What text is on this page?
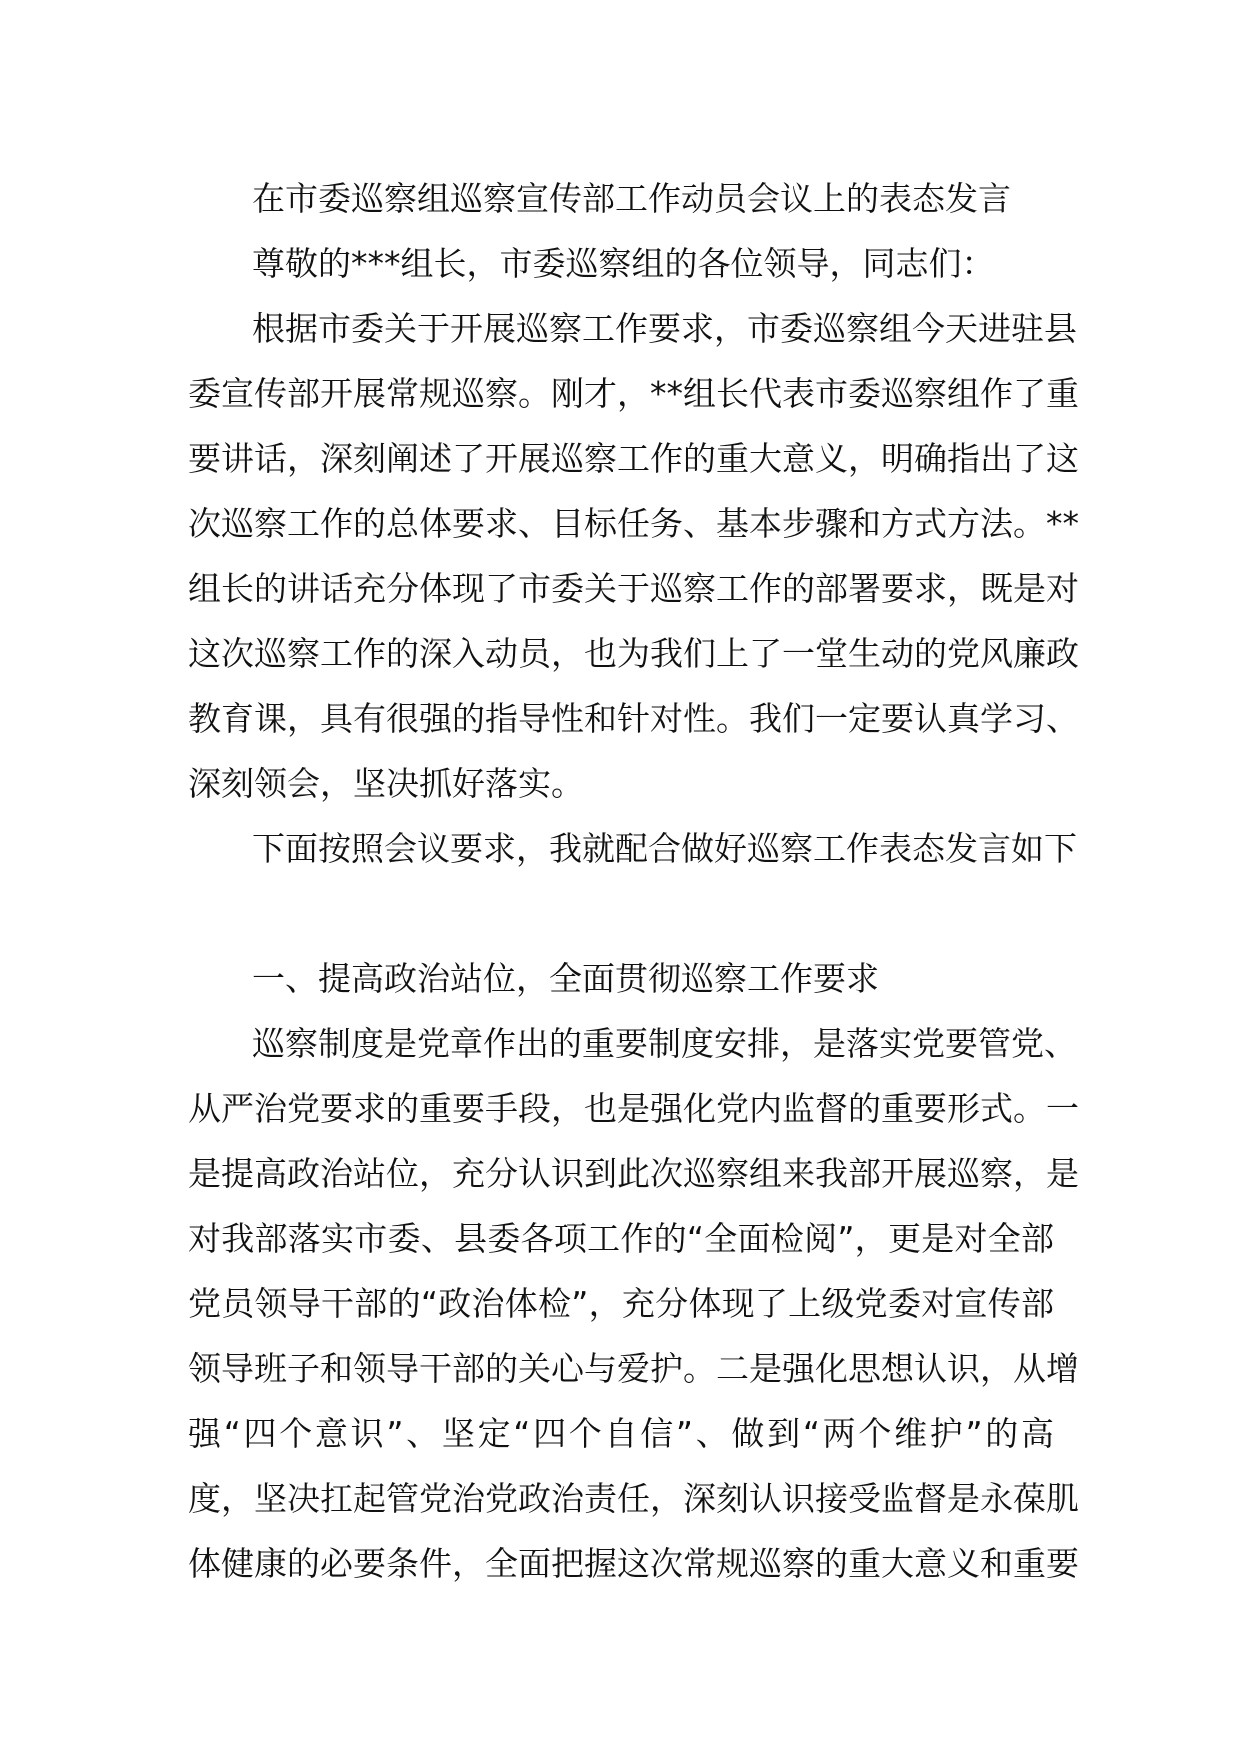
在市委巡察组巡察宣传部工作动员会议上的表态发言
尊敬的***组长，市委巡察组的各位领导，同志们：
根据市委关于开展巡察工作要求，市委巡察组今天进驻县
委宣传部开展常规巡察。刚才，**组长代表市委巡察组作了重
要讲话，深刻阐述了开展巡察工作的重大意义，明确指出了这
次巡察工作的总体要求、目标任务、基本步骤和方式方法。**
组长的讲话充分体现了市委关于巡察工作的部署要求，既是对
这次巡察工作的深入动员，也为我们上了一堂生动的党风廉政
教育课，具有很强的指导性和针对性。我们一定要认真学习、
深刻领会，坚决抓好落实。
下面按照会议要求，我就配合做好巡察工作表态发言如下
一、提高政治站位，全面贯彻巡察工作要求
巡察制度是党章作出的重要制度安排，是落实党要管党、
从严治党要求的重要手段，也是强化党内监督的重要形式。一
是提高政治站位，充分认识到此次巡察组来我部开展巡察，是
对我部落实市委、县委各项工作的“全面检阅”，更是对全部
党员领导干部的“政治体检”，充分体现了上级党委对宣传部
领导班子和领导干部的关心与爱护。二是强化思想认识，从增
强“四个意识”、坚定“四个自信”、做到“两个维护”的高
度，坚决扛起管党治党政治责任，深刻认识接受监督是永葆肌
体健康的必要条件，全面把握这次常规巡察的重大意义和重要
